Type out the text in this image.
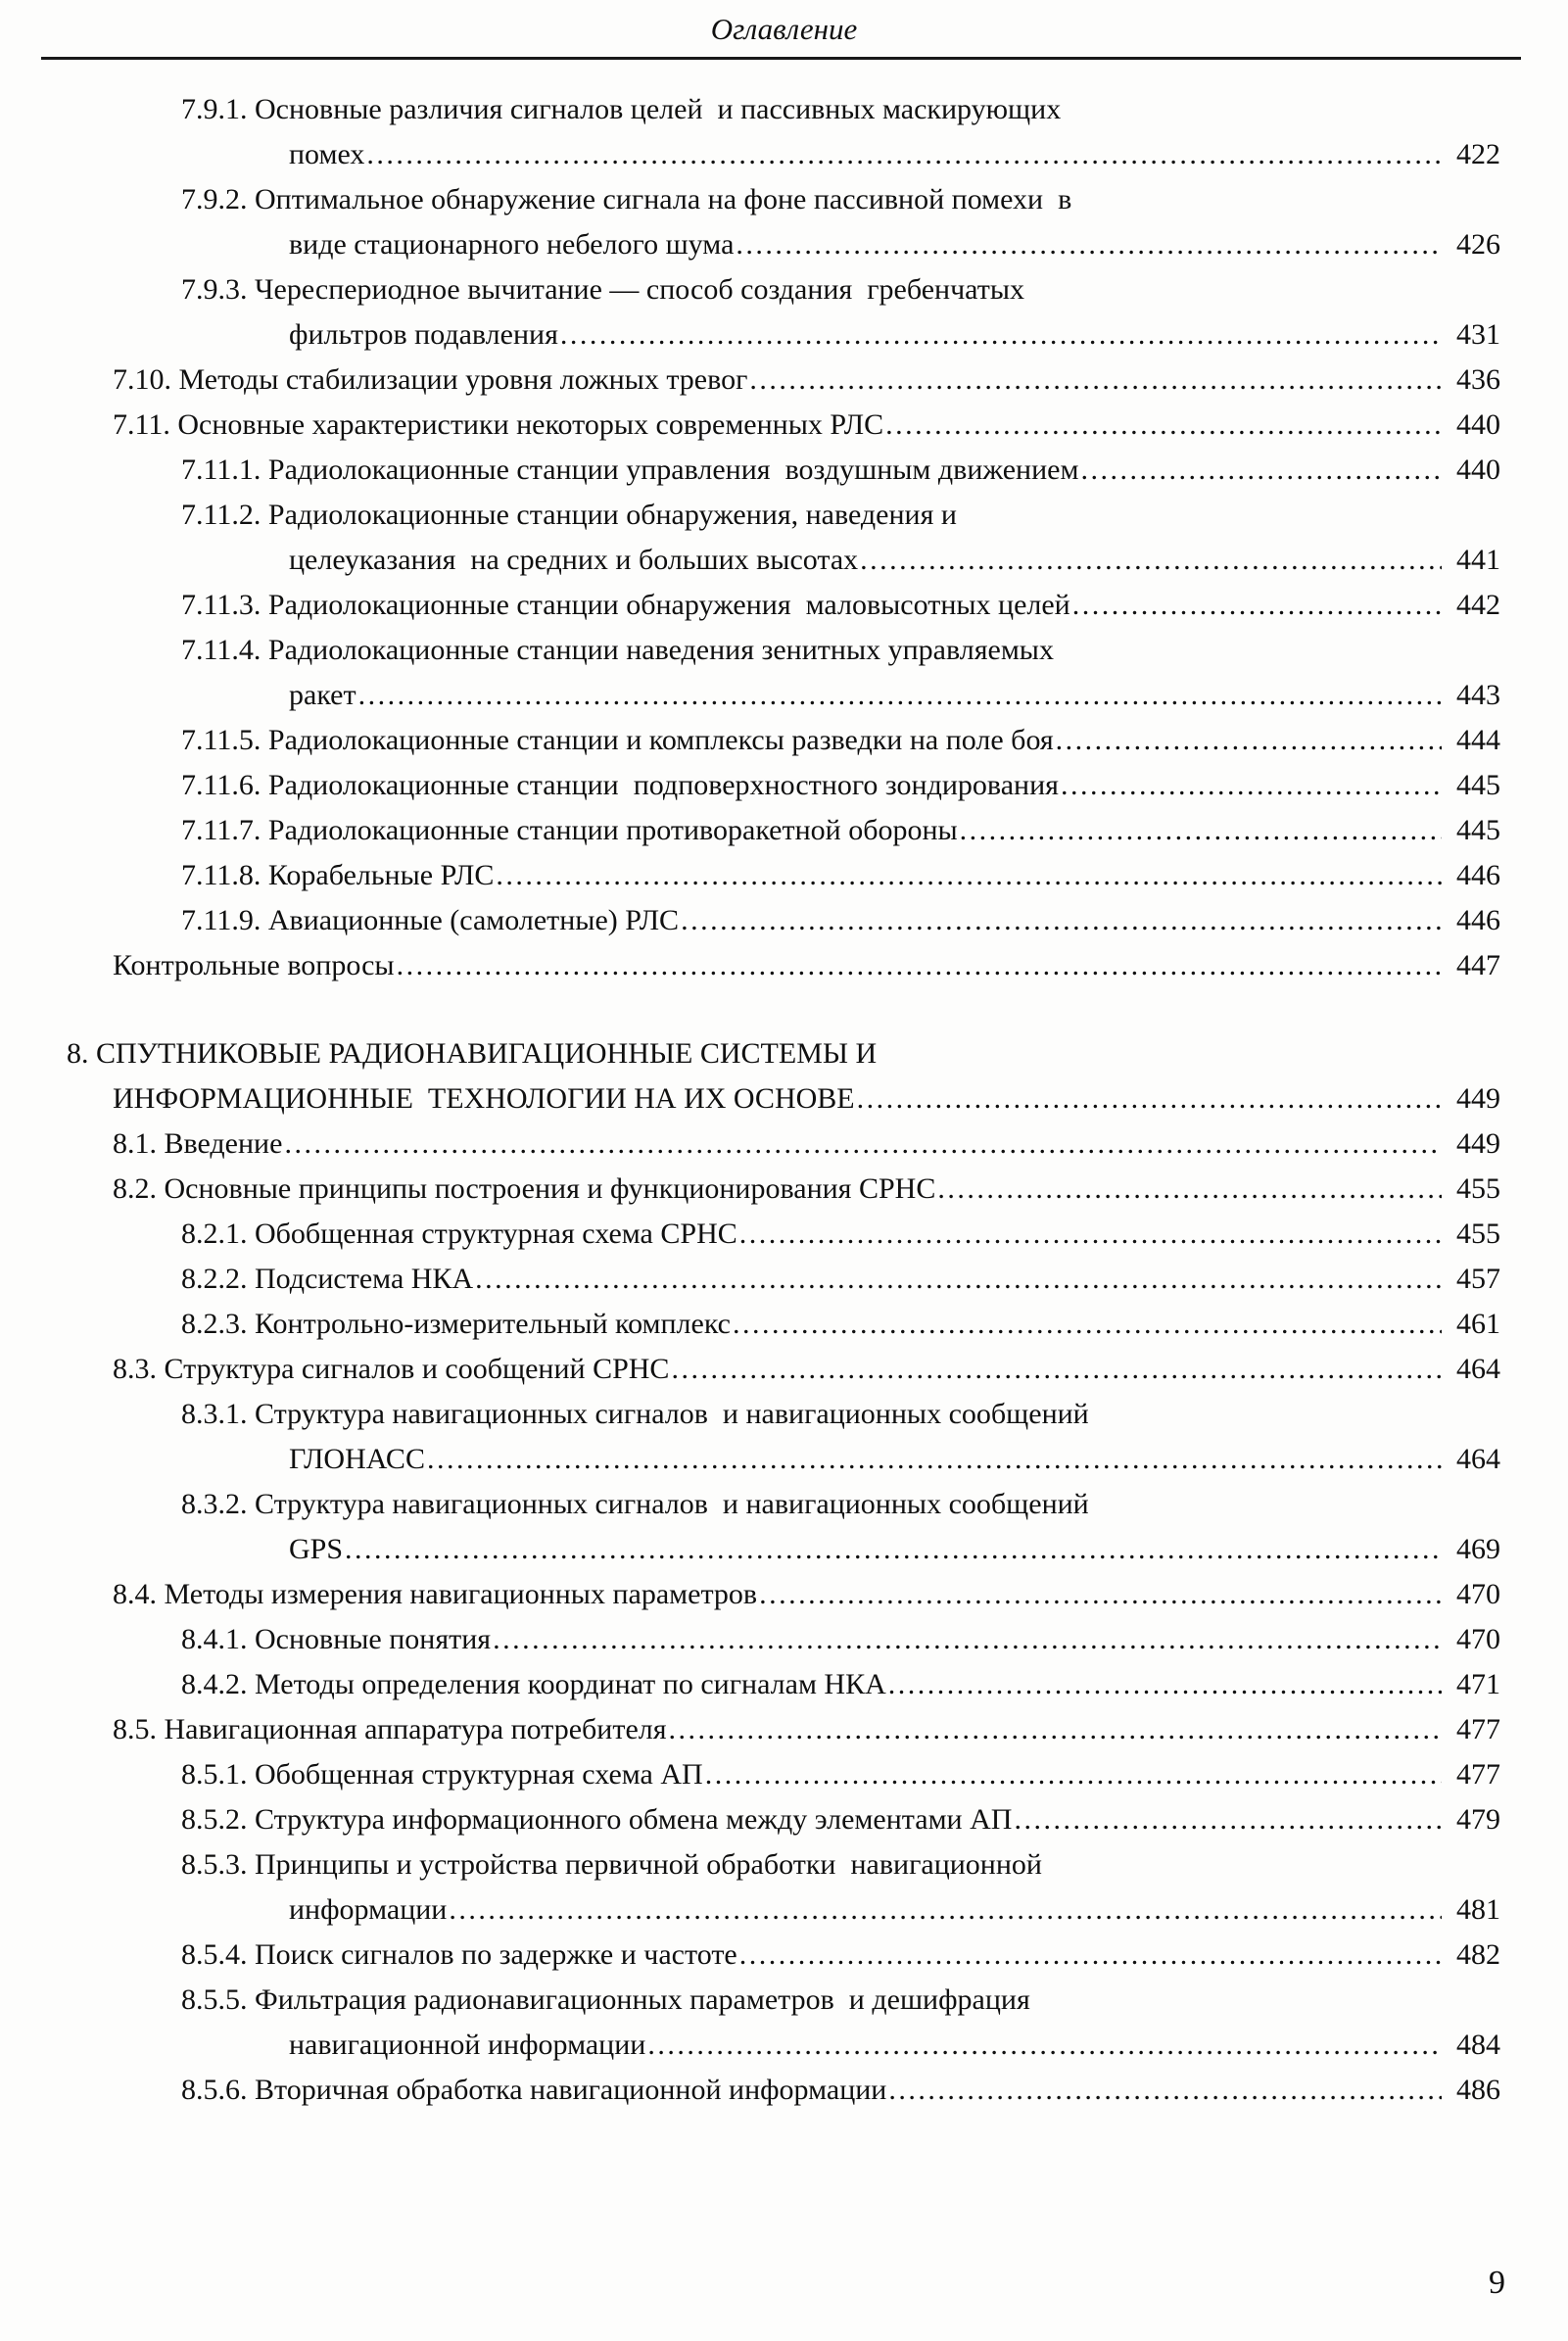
Оглавление
7.9.1. Основные различия сигналов целей  и пассивных маскирующих
помех .....	422
7.9.2. Оптимальное обнаружение сигнала на фоне пассивной помехи  в
виде стационарного небелого шума .....	426
7.9.3. Череспериодное вычитание — способ создания  гребенчатых
фильтров подавления .....	431
7.10. Методы стабилизации уровня ложных тревог .....	436
7.11. Основные характеристики некоторых современных РЛС .....	440
7.11.1. Радиолокационные станции управления  воздушным движением .....	440
7.11.2. Радиолокационные станции обнаружения, наведения и
целеуказания  на средних и больших высотах .....	441
7.11.3. Радиолокационные станции обнаружения  маловысотных целей .....	442
7.11.4. Радиолокационные станции наведения зенитных управляемых
ракет .....	443
7.11.5. Радиолокационные станции и комплексы разведки на поле боя .....	444
7.11.6. Радиолокационные станции  подповерхностного зондирования .....	445
7.11.7. Радиолокационные станции противоракетной обороны .....	445
7.11.8. Корабельные РЛС .....	446
7.11.9. Авиационные (самолетные) РЛС .....	446
Контрольные вопросы .....	447
8. СПУТНИКОВЫЕ РАДИОНАВИГАЦИОННЫЕ СИСТЕМЫ И
ИНФОРМАЦИОННЫЕ  ТЕХНОЛОГИИ НА ИХ ОСНОВЕ .....	449
8.1. Введение .....	449
8.2. Основные принципы построения и функционирования СРНС .....	455
8.2.1. Обобщенная структурная схема СРНС .....	455
8.2.2. Подсистема НКА .....	457
8.2.3. Контрольно-измерительный комплекс .....	461
8.3. Структура сигналов и сообщений СРНС .....	464
8.3.1. Структура навигационных сигналов  и навигационных сообщений
ГЛОНАСС .....	464
8.3.2. Структура навигационных сигналов  и навигационных сообщений
GPS .....	469
8.4. Методы измерения навигационных параметров .....	470
8.4.1. Основные понятия .....	470
8.4.2. Методы определения координат по сигналам НКА .....	471
8.5. Навигационная аппаратура потребителя .....	477
8.5.1. Обобщенная структурная схема АП .....	477
8.5.2. Структура информационного обмена между элементами АП .....	479
8.5.3. Принципы и устройства первичной обработки  навигационной
информации .....	481
8.5.4. Поиск сигналов по задержке и частоте .....	482
8.5.5. Фильтрация радионавигационных параметров  и дешифрация
навигационной информации .....	484
8.5.6. Вторичная обработка навигационной информации .....	486
9
